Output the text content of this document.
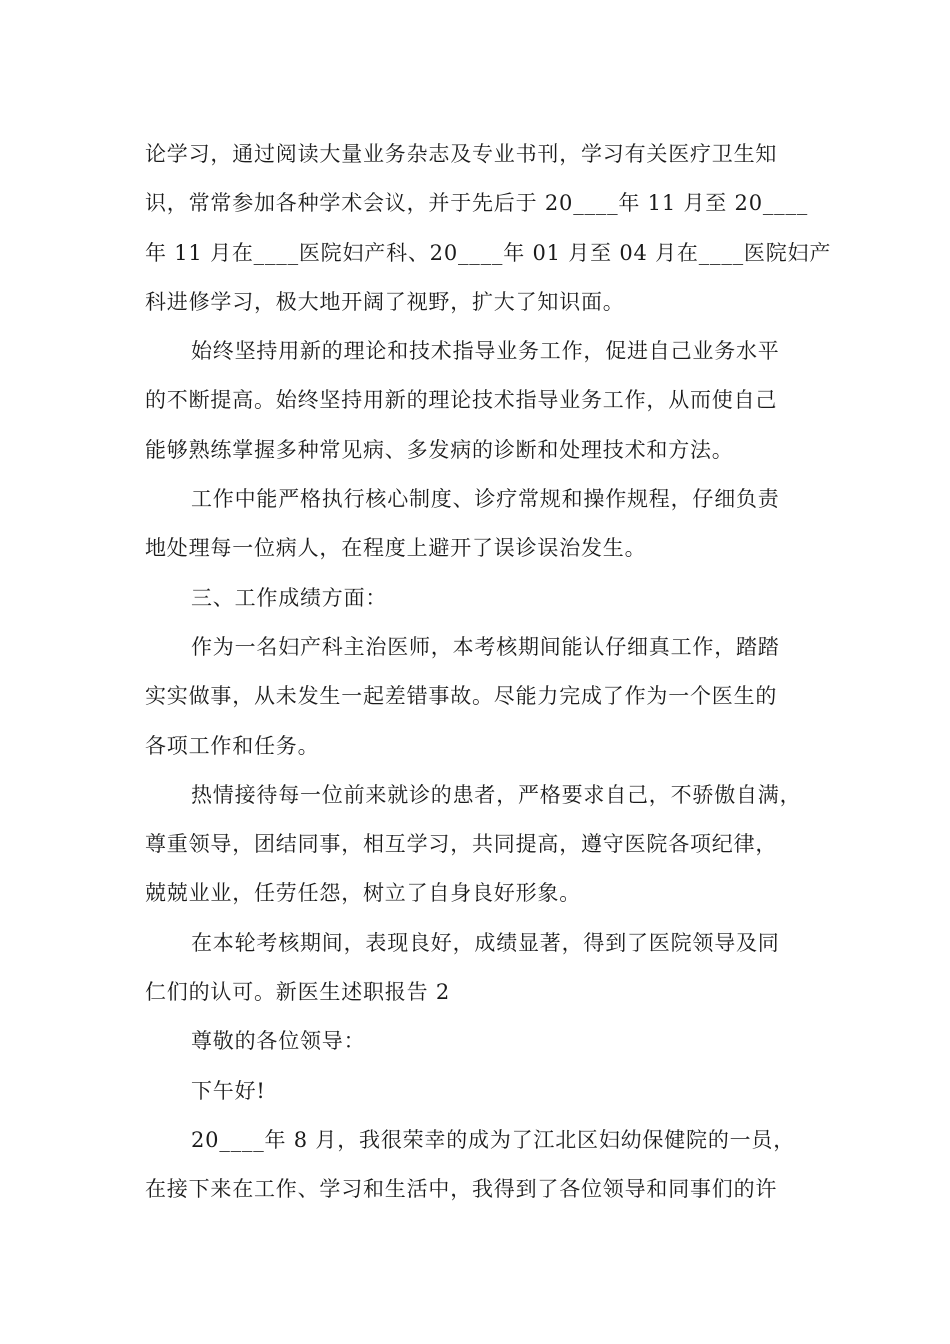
论学习，通过阅读大量业务杂志及专业书刊，学习有关医疗卫生知
识，常常参加各种学术会议，并于先后于 20____年 11 月至 20____
年 11 月在____医院妇产科、20____年 01 月至 04 月在____医院妇产
科进修学习，极大地开阔了视野，扩大了知识面。
始终坚持用新的理论和技术指导业务工作，促进自己业务水平
的不断提高。始终坚持用新的理论技术指导业务工作，从而使自己
能够熟练掌握多种常见病、多发病的诊断和处理技术和方法。
工作中能严格执行核心制度、诊疗常规和操作规程，仔细负责
地处理每一位病人，在程度上避开了误诊误治发生。
三、工作成绩方面：
作为一名妇产科主治医师，本考核期间能认仔细真工作，踏踏
实实做事，从未发生一起差错事故。尽能力完成了作为一个医生的
各项工作和任务。
热情接待每一位前来就诊的患者，严格要求自己，不骄傲自满，
尊重领导，团结同事，相互学习，共同提高，遵守医院各项纪律，
兢兢业业，任劳任怨，树立了自身良好形象。
在本轮考核期间，表现良好，成绩显著，得到了医院领导及同
仁们的认可。新医生述职报告 2
尊敬的各位领导：
下午好!
20____年 8 月，我很荣幸的成为了江北区妇幼保健院的一员，
在接下来在工作、学习和生活中，我得到了各位领导和同事们的许
